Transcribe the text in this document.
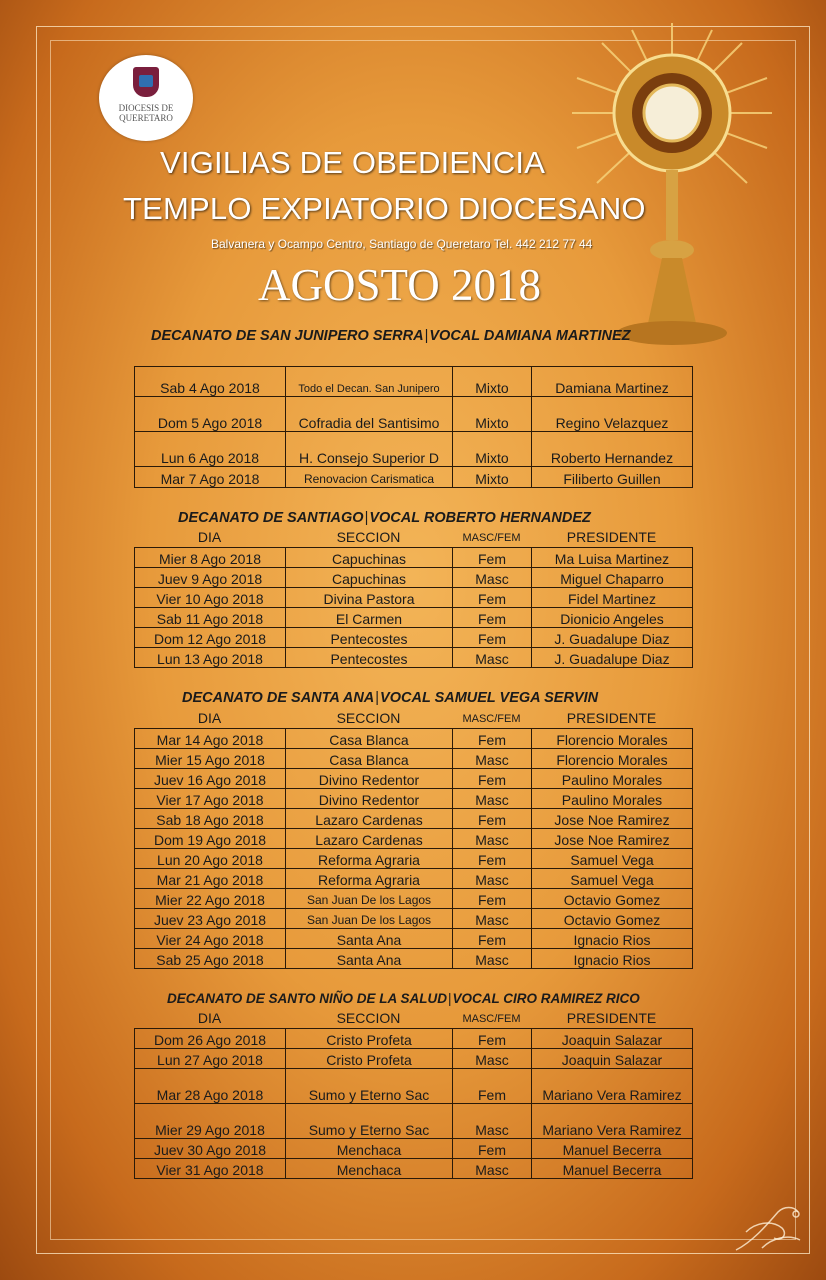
DIOCESIS DE
QUERETARO
VIGILIAS DE OBEDIENCIA
TEMPLO EXPIATORIO DIOCESANO
Balvanera y Ocampo Centro, Santiago de Queretaro Tel. 442 212 77 44
AGOSTO 2018
DECANATO DE SAN JUNIPERO SERRA|VOCAL DAMIANA MARTINEZ
Sab 4 Ago 2018	Todo el Decan. San Junipero	Mixto	Damiana Martinez
Dom 5 Ago 2018	Cofradia del Santisimo	Mixto	Regino Velazquez
Lun 6 Ago 2018	H. Consejo Superior D	Mixto	Roberto Hernandez
Mar 7 Ago 2018	Renovacion Carismatica	Mixto	Filiberto Guillen
DECANATO DE SANTIAGO|VOCAL ROBERTO HERNANDEZ
DIA	SECCION	MASC/FEM	PRESIDENTE
Mier 8 Ago 2018	Capuchinas	Fem	Ma Luisa Martinez
Juev 9 Ago 2018	Capuchinas	Masc	Miguel Chaparro
Vier 10 Ago 2018	Divina Pastora	Fem	Fidel Martinez
Sab 11 Ago 2018	El Carmen	Fem	Dionicio Angeles
Dom 12 Ago 2018	Pentecostes	Fem	J. Guadalupe Diaz
Lun 13 Ago 2018	Pentecostes	Masc	J. Guadalupe Diaz
DECANATO DE SANTA ANA|VOCAL SAMUEL VEGA SERVIN
DIA	SECCION	MASC/FEM	PRESIDENTE
Mar 14 Ago 2018	Casa Blanca	Fem	Florencio Morales
Mier 15 Ago 2018	Casa Blanca	Masc	Florencio Morales
Juev 16 Ago 2018	Divino Redentor	Fem	Paulino Morales
Vier 17 Ago 2018	Divino Redentor	Masc	Paulino Morales
Sab 18 Ago 2018	Lazaro Cardenas	Fem	Jose Noe Ramirez
Dom 19 Ago 2018	Lazaro Cardenas	Masc	Jose Noe Ramirez
Lun 20 Ago 2018	Reforma Agraria	Fem	Samuel Vega
Mar 21 Ago 2018	Reforma Agraria	Masc	Samuel Vega
Mier 22 Ago 2018	San Juan De los Lagos	Fem	Octavio Gomez
Juev 23 Ago 2018	San Juan De los Lagos	Masc	Octavio Gomez
Vier 24 Ago 2018	Santa Ana	Fem	Ignacio Rios
Sab 25 Ago 2018	Santa Ana	Masc	Ignacio Rios
DECANATO DE SANTO NIÑO DE LA SALUD|VOCAL CIRO RAMIREZ RICO
DIA	SECCION	MASC/FEM	PRESIDENTE
Dom 26 Ago 2018	Cristo Profeta	Fem	Joaquin Salazar
Lun 27 Ago 2018	Cristo Profeta	Masc	Joaquin Salazar
Mar 28 Ago 2018	Sumo y Eterno Sac	Fem	Mariano Vera Ramirez
Mier 29 Ago 2018	Sumo y Eterno Sac	Masc	Mariano Vera Ramirez
Juev 30 Ago 2018	Menchaca	Fem	Manuel Becerra
Vier 31 Ago 2018	Menchaca	Masc	Manuel Becerra
